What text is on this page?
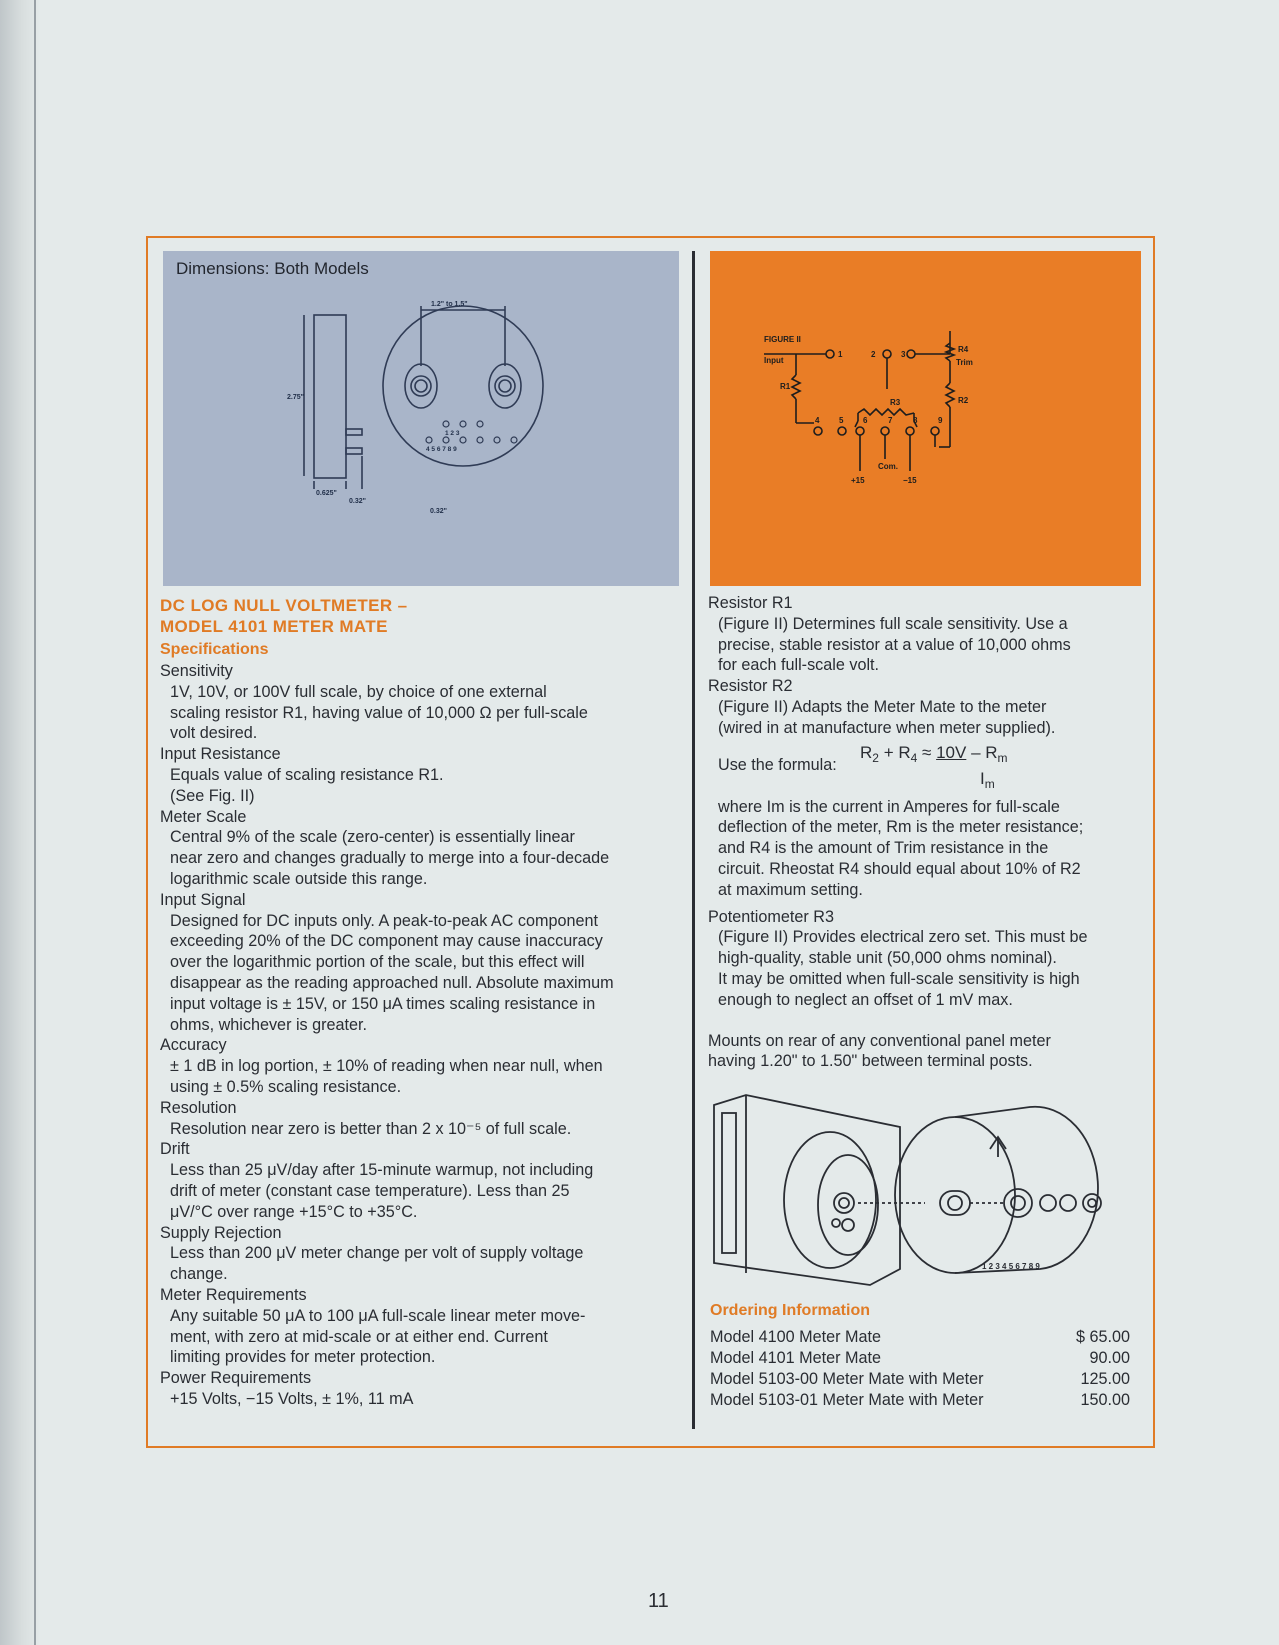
Dimensions: Both Models
1.2" to 1.5"
2.75"
0.625"
0.32"
0.32"
1 2 3
4 5 6 7 8 9
FIGURE II
Input
R1
R2
R3
R4
Trim
Com.
+15	−15
1	2	3
4 5 6	7	8	9
DC LOG NULL VOLTMETER –
MODEL 4101 METER MATE
Specifications
Sensitivity
1V, 10V, or 100V full scale, by choice of one external
scaling resistor R1, having value of 10,000 Ω per full-scale
volt desired.
Input Resistance
Equals value of scaling resistance R1.
(See Fig. II)
Meter Scale
Central 9% of the scale (zero-center) is essentially linear
near zero and changes gradually to merge into a four-decade
logarithmic scale outside this range.
Input Signal
Designed for DC inputs only. A peak-to-peak AC component
exceeding 20% of the DC component may cause inaccuracy
over the logarithmic portion of the scale, but this effect will
disappear as the reading approached null. Absolute maximum
input voltage is ± 15V, or 150 μA times scaling resistance in
ohms, whichever is greater.
Accuracy
± 1 dB in log portion, ± 10% of reading when near null, when
using ± 0.5% scaling resistance.
Resolution
Resolution near zero is better than 2 x 10⁻⁵ of full scale.
Drift
Less than 25 μV/day after 15-minute warmup, not including
drift of meter (constant case temperature). Less than 25
μV/°C over range +15°C to +35°C.
Supply Rejection
Less than 200 μV meter change per volt of supply voltage
change.
Meter Requirements
Any suitable 50 μA to 100 μA full-scale linear meter move-
ment, with zero at mid-scale or at either end. Current
limiting provides for meter protection.
Power Requirements
+15 Volts, −15 Volts, ± 1%, 11 mA
Resistor R1
(Figure II) Determines full scale sensitivity. Use a
precise, stable resistor at a value of 10,000 ohms
for each full-scale volt.
Resistor R2
(Figure II) Adapts the Meter Mate to the meter
(wired in at manufacture when meter supplied).
Use the formula:
$R_2 + R_4 \approx 10V - R_m$
$I_m$
where Im is the current in Amperes for full-scale
deflection of the meter, Rm is the meter resistance;
and R4 is the amount of Trim resistance in the
circuit. Rheostat R4 should equal about 10% of R2
at maximum setting.
Potentiometer R3
(Figure II) Provides electrical zero set. This must be
high-quality, stable unit (50,000 ohms nominal).
It may be omitted when full-scale sensitivity is high
enough to neglect an offset of 1 mV max.
Mounts on rear of any conventional panel meter
having 1.20" to 1.50" between terminal posts.
1 2 3 4 5 6 7 8 9
Ordering Information
Model 4100 Meter Mate	$ 65.00
Model 4101 Meter Mate	90.00
Model 5103-00 Meter Mate with Meter	125.00
Model 5103-01 Meter Mate with Meter	150.00
11
